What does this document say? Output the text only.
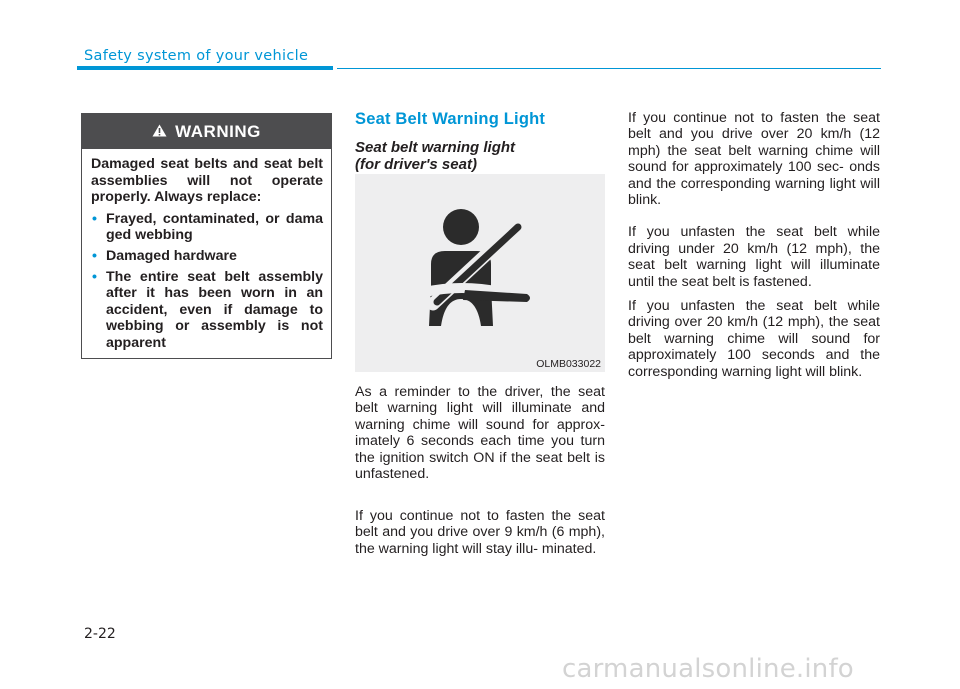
Safety system of your vehicle
WARNING

Damaged seat belts and seat belt assemblies will not operate properly. Always replace:

• Frayed, contaminated, or dama ged webbing
• Damaged hardware
• The entire seat belt assembly after it has been worn in an accident, even if damage to webbing or assembly is not apparent
Seat Belt Warning Light
Seat belt warning light
(for driver's seat)
OLMB033022

As a reminder to the driver, the seat belt warning light will illuminate and warning chime will sound for approx- imately 6 seconds each time you turn the ignition switch ON if the seat belt is unfastened.

If you continue not to fasten the seat belt and you drive over 9 km/h (6 mph), the warning light will stay illu- minated.

If you continue not to fasten the seat belt and you drive over 20 km/h (12 mph) the seat belt warning chime will sound for approximately 100 sec- onds and the corresponding warning light will blink.

If you unfasten the seat belt while driving under 20 km/h (12 mph), the seat belt warning light will illuminate until the seat belt is fastened.

If you unfasten the seat belt while driving over 20 km/h (12 mph), the seat belt warning chime will sound for approximately 100 seconds and the corresponding warning light will blink.

2-22
carmanualsonline.info
